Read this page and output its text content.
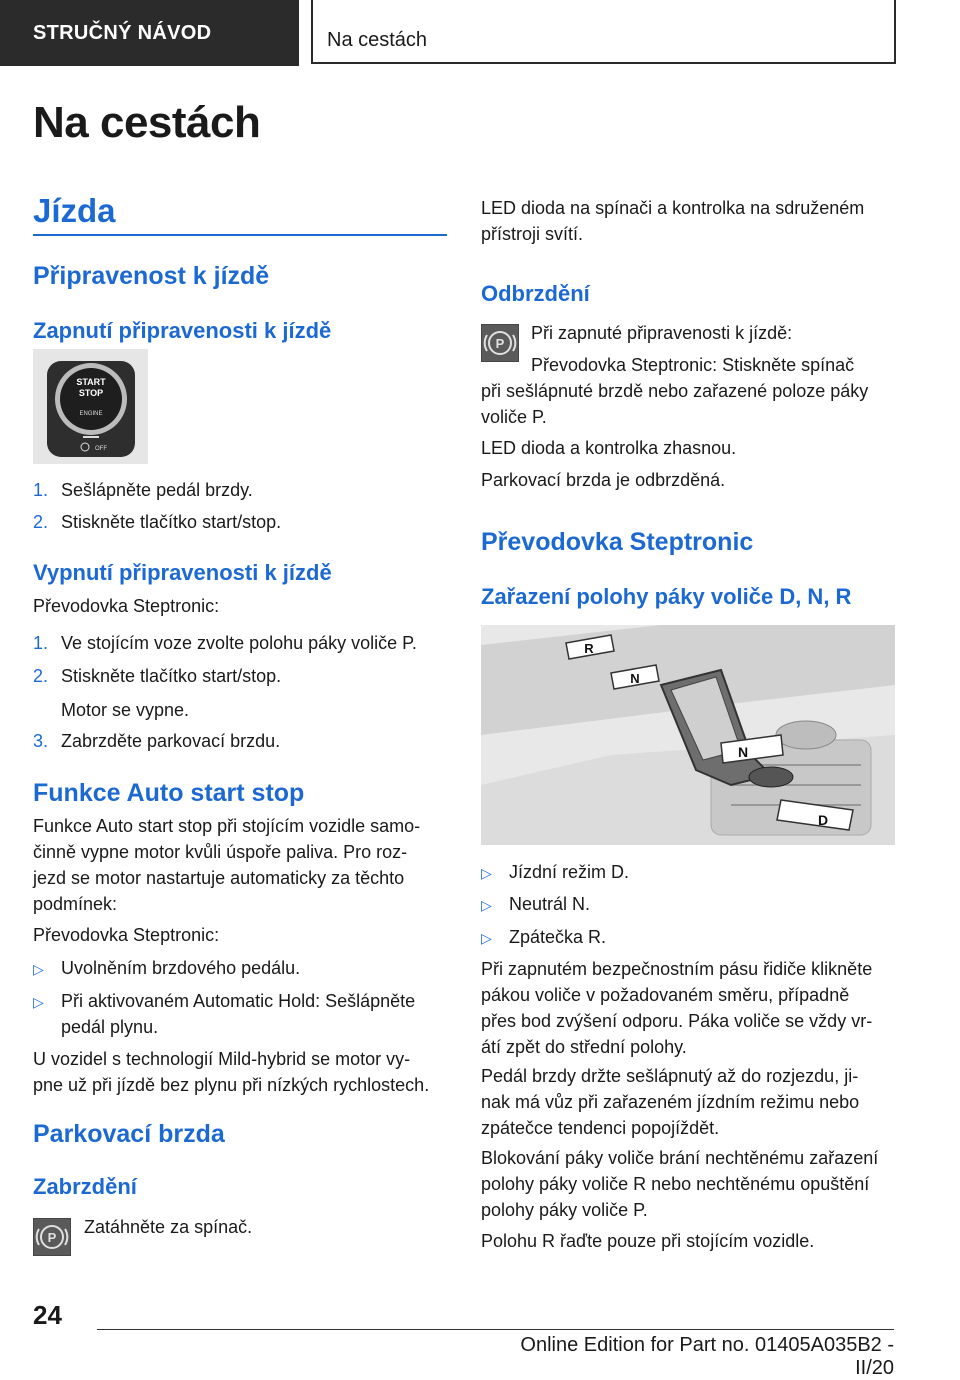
STRUČNÝ NÁVOD	Na cestách
Na cestách
Jízda
Připravenost k jízdě
Zapnutí připravenosti k jízdě
START
STOP
ENGINE
OFF
1. Sešlápněte pedál brzdy.
2. Stiskněte tlačítko start/stop.
Vypnutí připravenosti k jízdě
Převodovka Steptronic:
1. Ve stojícím voze zvolte polohu páky voliče P.
2. Stiskněte tlačítko start/stop.
Motor se vypne.
3. Zabrzděte parkovací brzdu.
Funkce Auto start stop
Funkce Auto start stop při stojícím vozidle samo-
činně vypne motor kvůli úspoře paliva. Pro roz-
jezd se motor nastartuje automaticky za těchto
podmínek:
Převodovka Steptronic:
▷ Uvolněním brzdového pedálu.
▷ Při aktivovaném Automatic Hold: Sešlápněte
pedál plynu.
U vozidel s technologií Mild-hybrid se motor vy-
pne už při jízdě bez plynu při nízkých rychlostech.
Parkovací brzda
Zabrzdění
P
Zatáhněte za spínač.
LED dioda na spínači a kontrolka na sdruženém
přístroji svítí.
Odbrzdění
P
Při zapnuté připravenosti k jízdě:
Převodovka Steptronic: Stiskněte spínač
při sešlápnuté brzdě nebo zařazené poloze páky
voliče P.
LED dioda a kontrolka zhasnou.
Parkovací brzda je odbrzděná.
Převodovka Steptronic
Zařazení polohy páky voliče D, N, R
R
N
N
D
▷ Jízdní režim D.
▷ Neutrál N.
▷ Zpátečka R.
Při zapnutém bezpečnostním pásu řidiče klikněte
pákou voliče v požadovaném směru, případně
přes bod zvýšení odporu. Páka voliče se vždy vr-
átí zpět do střední polohy.
Pedál brzdy držte sešlápnutý až do rozjezdu, ji-
nak má vůz při zařazeném jízdním režimu nebo
zpátečce tendenci popojíždět.
Blokování páky voliče brání nechtěnému zařazení
polohy páky voliče R nebo nechtěnému opuštění
polohy páky voliče P.
Polohu R řaďte pouze při stojícím vozidle.
24
Online Edition for Part no. 01405A035B2 - II/20
